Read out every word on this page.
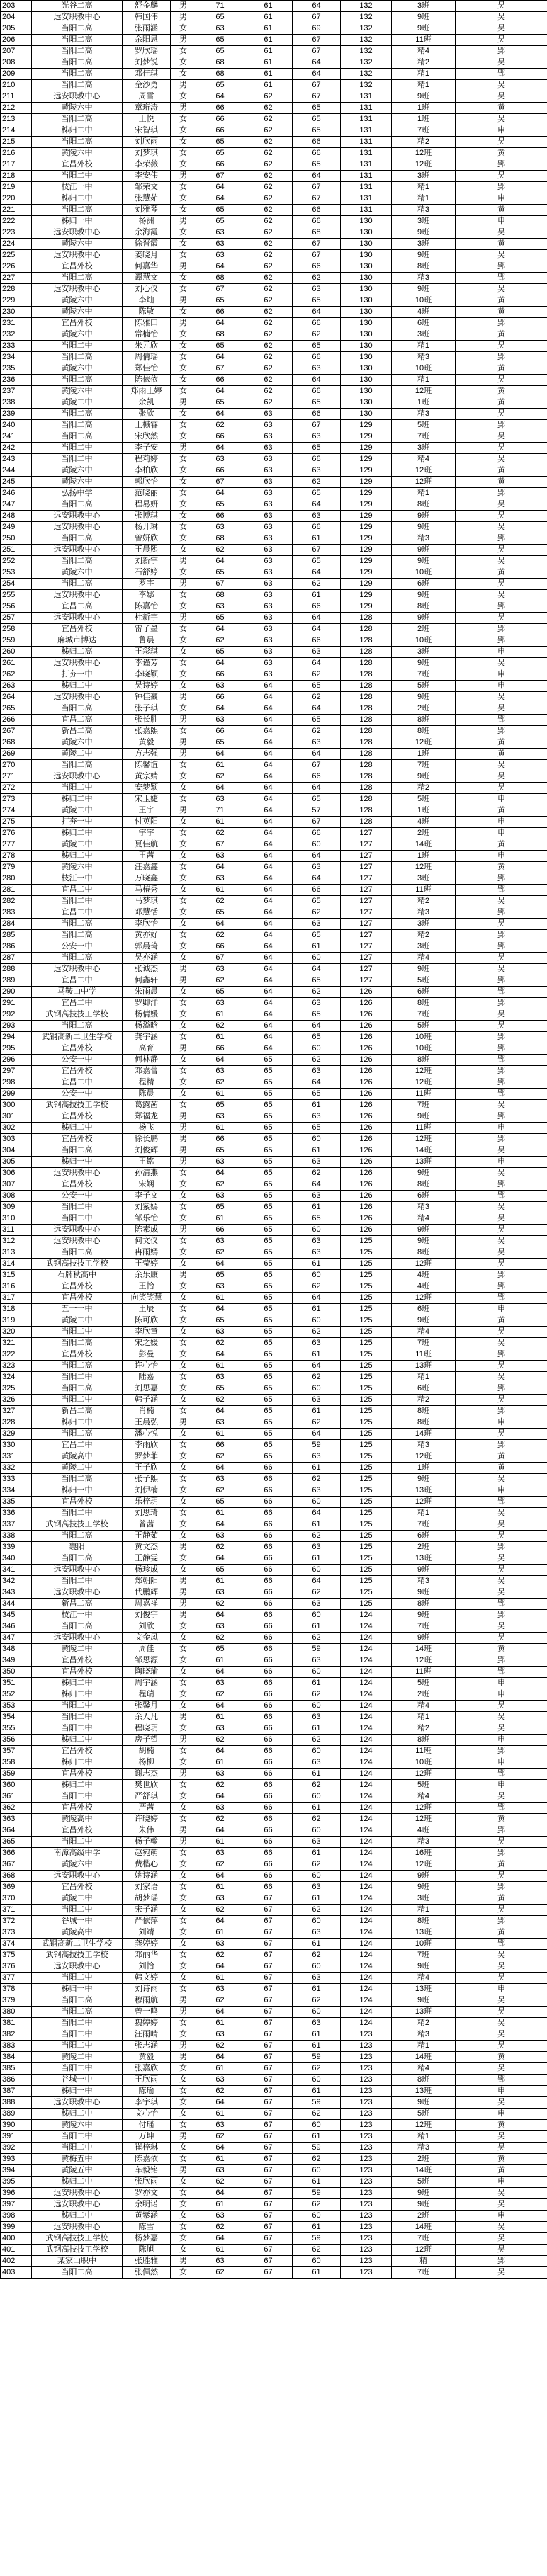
203	光谷二高	舒金麟	男	71	61	64	132	3班	吴
204	远安职教中心	韩国伟	男	65	61	67	132	9班	吴
205	当阳二高	张雨涵	女	63	61	69	132	9班	吴
206	当阳二高	余阳恩	男	65	61	67	132	11班	吴
207	当阳二高	罗欣瑶	女	65	61	67	132	精4	郢
208	当阳二高	刘梦锐	女	68	61	64	132	精2	吴
209	当阳二高	邓佳琪	女	68	61	64	132	精1	郢
210	当阳二高	金沙勇	男	65	61	67	132	精1	吴
211	远安职教中心	周雪	女	64	62	67	131	9班	吴
212	黄陵六中	章珩涛	男	66	62	65	131	1班	黄
213	当阳二高	王悦	女	66	62	65	131	1班	吴
214	秭归二中	宋智琪	女	66	62	65	131	7班	申
215	当阳二高	刘欣雨	女	65	62	66	131	精2	吴
216	黄陵六中	刘梦琪	女	65	62	66	131	12班	黄
217	宜昌外校	李荣薇	女	66	62	65	131	12班	郢
218	当阳二中	李安伟	男	67	62	64	131	3班	吴
219	枝江一中	邹荣文	女	64	62	67	131	精1	郢
220	秭归二中	张慧茹	女	64	62	67	131	精1	申
221	当阳二高	刘雅琴	女	65	62	66	131	精3	黄
222	秭归一中	杨洲	男	65	62	66	130	3班	申
223	远安职教中心	余海霞	女	63	62	68	130	9班	吴
224	黄陵六中	徐晋霞	女	63	62	67	130	3班	黄
225	远安职教中心	姜晓月	女	63	62	67	130	9班	吴
226	宜昌外校	何嘉华	男	64	62	66	130	8班	郢
227	当阳二高	谭慧文	女	68	62	62	130	精3	郢
228	远安职教中心	刘心仪	女	67	62	63	130	9班	吴
229	黄陵六中	李灿	男	65	62	65	130	10班	黄
230	黄陵六中	陈敏	女	66	62	64	130	4班	黄
231	宜昌外校	陈雅田	男	64	62	66	130	6班	郢
232	黄陵六中	常楠怡	女	68	62	62	130	3班	黄
233	当阳二中	朱元欣	女	65	62	65	130	精1	吴
234	当阳二高	周倩瑶	女	64	62	66	130	精3	郢
235	黄陵六中	郑佳怡	女	67	62	63	130	10班	黄
236	当阳二高	陈依依	女	66	62	64	130	精1	吴
237	黄陵六中	郑雨王婷	女	64	62	66	130	12班	黄
238	黄陵二中	余凯	男	65	62	65	130	1班	黄
239	当阳二高	张欣	女	64	63	66	130	精3	吴
240	当阳二高	王槭睿	女	62	63	67	129	5班	郢
241	当阳二高	宋欣然	女	66	63	63	129	7班	吴
242	当阳二中	李子安	男	64	63	65	129	3班	吴
243	当阳二中	程莉婷	女	63	63	66	129	精4	吴
244	黄陵六中	李柏欣	女	66	63	63	129	12班	黄
245	黄陵六中	郭欣怡	女	67	63	62	129	12班	黄
246	弘扬中学	范晓丽	女	64	63	65	129	精1	郢
247	当阳二高	程易妍	女	65	63	64	129	8班	吴
248	远安职教中心	张博琪	女	66	63	63	129	9班	吴
249	远安职教中心	杨开琳	女	63	63	66	129	9班	吴
250	当阳二高	曾妍欣	女	68	63	61	129	精3	郢
251	远安职教中心	王晨熙	女	62	63	67	129	9班	吴
252	当阳二高	刘新宇	男	64	63	65	129	9班	吴
253	黄陵六中	石舒婷	女	65	63	64	129	10班	黄
254	当阳二高	罗宇	男	67	63	62	129	6班	吴
255	远安职教中心	李娜	女	68	63	61	129	9班	吴
256	宜昌二高	陈嘉怡	女	63	63	66	129	8班	郢
257	远安职教中心	杜新宇	男	65	63	64	128	9班	吴
258	宜昌外校	雷子墨	女	64	63	64	128	2班	郢
259	麻城市博达	鲁晨	女	62	63	66	128	10班	郢
260	秭归二高	王彩琪	女	65	63	63	128	3班	申
261	远安职教中心	李谨芳	女	64	63	64	128	9班	吴
262	打夯一中	李晓颖	女	66	63	62	128	7班	申
263	秭归二中	吴诗婷	女	63	64	65	128	5班	申
264	远安职教中心	钟佳豪	男	66	64	62	128	9班	吴
265	当阳二高	张子琪	女	64	64	64	128	2班	吴
266	宜昌二高	张长胜	男	63	64	65	128	8班	郢
267	新昌二高	张嘉熙	女	66	64	62	128	8班	郢
268	黄陵六中	黄毅	男	65	64	63	128	12班	黄
269	黄陵二中	方志强	男	64	64	64	128	1班	黄
270	当阳二高	陈馨谊	女	61	64	67	128	7班	吴
271	远安职教中心	黄宗婧	女	62	64	66	128	9班	吴
272	当阳二中	安梦颖	女	64	64	64	128	精2	吴
273	秭归二中	宋玉婕	女	63	64	65	128	5班	申
274	黄陵二中	王宇	男	71	64	57	128	1班	黄
275	打夯一中	付英阳	女	61	64	67	128	4班	申
276	秭归二中	宇宇	女	62	64	66	127	2班	申
277	黄陵二中	夏佳航	女	67	64	60	127	14班	黄
278	秭归二中	王茜	女	63	64	64	127	1班	申
279	黄陵六中	汪嘉鑫	女	64	64	63	127	12班	黄
280	枝江一中	万晓鑫	女	63	64	64	127	3班	郢
281	宜昌二中	马椿秀	女	61	64	66	127	11班	郢
282	当阳二中	马梦琪	女	62	64	65	127	精2	吴
283	宜昌二中	邓慧恬	女	65	64	62	127	精3	郢
284	当阳二高	李欣怡	女	64	64	63	127	3班	吴
285	当阳二高	黄亦好	女	62	64	65	127	精2	郢
286	公安一中	郭晨琦	女	66	64	61	127	3班	郢
287	当阳二高	吴亦涵	女	67	64	60	127	精4	吴
288	远安职教中心	张诚杰	男	63	64	64	127	9班	吴
289	宜昌二中	何鑫轩	男	62	64	65	127	5班	郢
290	马鞍山中学	朱雨晨	女	65	64	62	126	6班	郢
291	宜昌二中	罗卿洋	女	63	64	63	126	8班	郢
292	武钢高技技工学校	杨倩媛	女	61	64	65	126	7班	吴
293	当阳二高	杨溢晗	女	62	64	64	126	5班	吴
294	武钢高新二卫生学校	龚宇涵	女	61	64	65	126	10班	郢
295	宜昌外校	高育	男	66	64	60	126	10班	郢
296	公安一中	何林静	女	64	65	62	126	8班	郢
297	宜昌外校	邓嘉蕾	女	63	65	63	126	12班	郢
298	宜昌二中	程精	女	62	65	64	126	12班	郢
299	公安一中	陈晨	女	61	65	65	126	11班	郢
300	武钢高技技工学校	葛露茜	女	65	65	61	126	7班	吴
301	宜昌外校	郑福龙	男	63	65	63	126	9班	郢
302	秭归二中	杨飞	男	61	65	65	126	11班	申
303	宜昌外校	徐长鹏	男	66	65	60	126	12班	郢
304	当阳二高	刘俊辉	男	65	65	61	126	14班	吴
305	秭归一中	王铭	男	63	65	63	126	13班	申
306	远安职教中心	孙清燕	女	64	65	62	126	9班	吴
307	宜昌外校	宋娴	女	62	65	64	126	8班	郢
308	公安一中	李子文	女	63	65	63	126	6班	郢
309	当阳二中	刘紫嫣	女	65	65	61	126	精3	吴
310	当阳二中	邹乐怡	女	61	65	65	126	精4	吴
311	远安职教中心	陈素成	男	66	65	60	126	9班	吴
312	远安职教中心	何文仪	女	63	65	63	125	9班	吴
313	当阳二高	冉雨嫣	女	62	65	63	125	8班	吴
314	武钢高技技工学校	王莹婷	女	64	65	61	125	12班	吴
315	石牌秋高中	余乐康	男	65	65	60	125	4班	郢
316	宜昌外校	王怡	女	63	65	62	125	4班	郢
317	宜昌外校	向笑笑慧	女	61	65	64	125	12班	郢
318	五一一中	王辰	女	64	65	61	125	6班	申
319	黄陵二中	陈可欣	女	65	65	60	125	9班	黄
320	当阳二中	李欣童	女	63	65	62	125	精4	吴
321	当阳二高	宋之媛	女	62	65	63	125	7班	吴
322	宜昌外校	彭曼	女	64	65	61	125	11班	郢
323	当阳二高	许心怡	女	61	65	64	125	13班	吴
324	当阳二中	陆嘉	女	63	65	62	125	精1	吴
325	当阳二高	刘思嘉	女	65	65	60	125	6班	郢
326	当阳二中	韩子涵	女	62	65	63	125	精2	吴
327	新昌二高	肖楠	女	64	65	61	125	8班	郢
328	秭归二中	王晨弘	男	63	65	62	125	8班	申
329	当阳二高	潘心悦	女	61	65	64	125	14班	吴
330	宜昌二中	李雨欣	女	66	65	59	125	精3	郢
331	黄陵高中	罗梦菲	女	62	65	63	125	12班	黄
332	黄陵二中	王子欣	女	64	66	61	125	1班	黄
333	当阳二高	张子熙	女	63	66	62	125	9班	吴
334	秭归一中	刘伊楠	女	62	66	63	125	13班	申
335	宜昌外校	乐梓玥	女	65	66	60	125	12班	郢
336	当阳二中	刘思琦	女	61	66	64	125	精1	吴
337	武钢高技技工学校	曾茜	女	64	66	61	125	7班	吴
338	当阳二高	王静茹	女	63	66	62	125	6班	吴
339	襄阳	黄文杰	男	62	66	63	125	2班	郢
340	当阳二高	王静雯	女	64	66	61	125	13班	吴
341	远安职教中心	杨珍成	女	65	66	60	125	9班	吴
342	当阳二中	郑朝阳	男	61	66	64	125	精3	吴
343	远安职教中心	代鹏辉	男	63	66	62	125	9班	吴
344	新昌二高	周嘉祥	男	62	66	63	125	8班	郢
345	枝江一中	刘俊宇	男	64	66	60	124	9班	郢
346	当阳二高	刘欣	女	63	66	61	124	7班	吴
347	远安职教中心	文金凤	女	62	66	62	124	9班	吴
348	黄陵二中	周佳	女	65	66	59	124	14班	黄
349	宜昌外校	邹思源	女	61	66	63	124	12班	郢
350	宜昌外校	陶晓瑜	女	64	66	60	124	11班	郢
351	秭归二中	周宇涵	女	63	66	61	124	5班	申
352	秭归二中	程瑞	女	62	66	62	124	2班	申
353	当阳二中	张馨月	女	64	66	60	124	精4	吴
354	当阳二中	余人凡	男	61	66	63	124	精1	吴
355	当阳二中	程晓玥	女	63	66	61	124	精2	吴
356	秭归二中	房子望	男	62	66	62	124	8班	申
357	宜昌外校	胡楠	女	64	66	60	124	11班	郢
358	秭归二中	杨柳	女	61	66	63	124	10班	申
359	宜昌外校	谢志杰	男	63	66	61	124	12班	郢
360	秭归二中	樊世欣	女	62	66	62	124	5班	申
361	当阳二中	严舒琪	女	64	66	60	124	精4	吴
362	宜昌外校	严茜	女	63	66	61	124	12班	郢
363	黄陵高中	许晓婷	女	62	66	62	124	12班	黄
364	宜昌外校	朱伟	男	64	66	60	124	4班	郢
365	当阳二中	杨子翰	男	61	66	63	124	精3	吴
366	南漳高级中学	赵宛萌	女	63	66	61	124	16班	郢
367	黄陵六中	费楷心	女	62	66	62	124	12班	黄
368	远安职教中心	姚诗涵	女	64	66	60	124	9班	吴
369	宜昌外校	刘家语	女	61	66	63	124	9班	郢
370	黄陵二中	胡梦瑶	女	63	67	61	124	3班	黄
371	当阳二中	宋子涵	女	62	67	62	124	精1	吴
372	谷城一中	严依萍	女	64	67	60	124	8班	郢
373	黄陵高中	刘靖	女	61	67	63	124	13班	黄
374	武钢高新二卫生学校	龚婷婷	女	63	67	61	124	10班	郢
375	武钢高技技工学校	邓丽华	女	62	67	62	124	7班	吴
376	远安职教中心	刘怡	女	64	67	60	124	9班	吴
377	当阳二中	韩文婷	女	61	67	63	124	精4	吴
378	秭归一中	刘诗雨	女	63	67	61	124	13班	申
379	当阳二高	穆雨航	男	62	67	62	124	9班	吴
380	当阳二高	曾一鸣	男	64	67	60	124	13班	吴
381	当阳二中	魏婷婷	女	61	67	63	124	精2	吴
382	当阳二中	汪雨晴	女	63	67	61	123	精3	吴
383	当阳二中	张志涵	男	62	67	61	123	精1	吴
384	黄陵二中	黄毅	男	64	67	59	123	14班	黄
385	当阳二中	张嘉欣	女	61	67	62	123	精4	吴
386	谷城一中	王欣雨	女	63	67	60	123	8班	郢
387	秭归一中	陈瑜	女	62	67	61	123	13班	申
388	远安职教中心	李宇琪	女	64	67	59	123	9班	吴
389	秭归二中	文心怡	女	61	67	62	123	5班	申
390	黄陵六中	付瑶	女	63	67	60	123	12班	黄
391	当阳二中	万坤	男	62	67	61	123	精1	吴
392	当阳二中	崔梓琳	女	64	67	59	123	精3	吴
393	黄梅五中	陈嘉依	女	61	67	62	123	2班	黄
394	黄陵五中	车毅铭	男	63	67	60	123	14班	黄
395	秭归二中	张欣雨	女	62	67	61	123	5班	申
396	远安职教中心	罗亦文	女	64	67	59	123	9班	吴
397	远安职教中心	余明诺	女	61	67	62	123	9班	吴
398	秭归二中	黄紫涵	女	63	67	60	123	2班	申
399	远安职教中心	陈雪	女	62	67	61	123	14班	吴
400	武钢高技技工学校	杨梦嘉	女	64	67	59	123	7班	吴
401	武钢高技技工学校	陈旭	女	61	67	62	123	12班	吴
402	某家山职中	张胜雅	男	63	67	60	123	精	郢
403	当阳二高	张佩然	女	62	67	61	123	7班	吴
